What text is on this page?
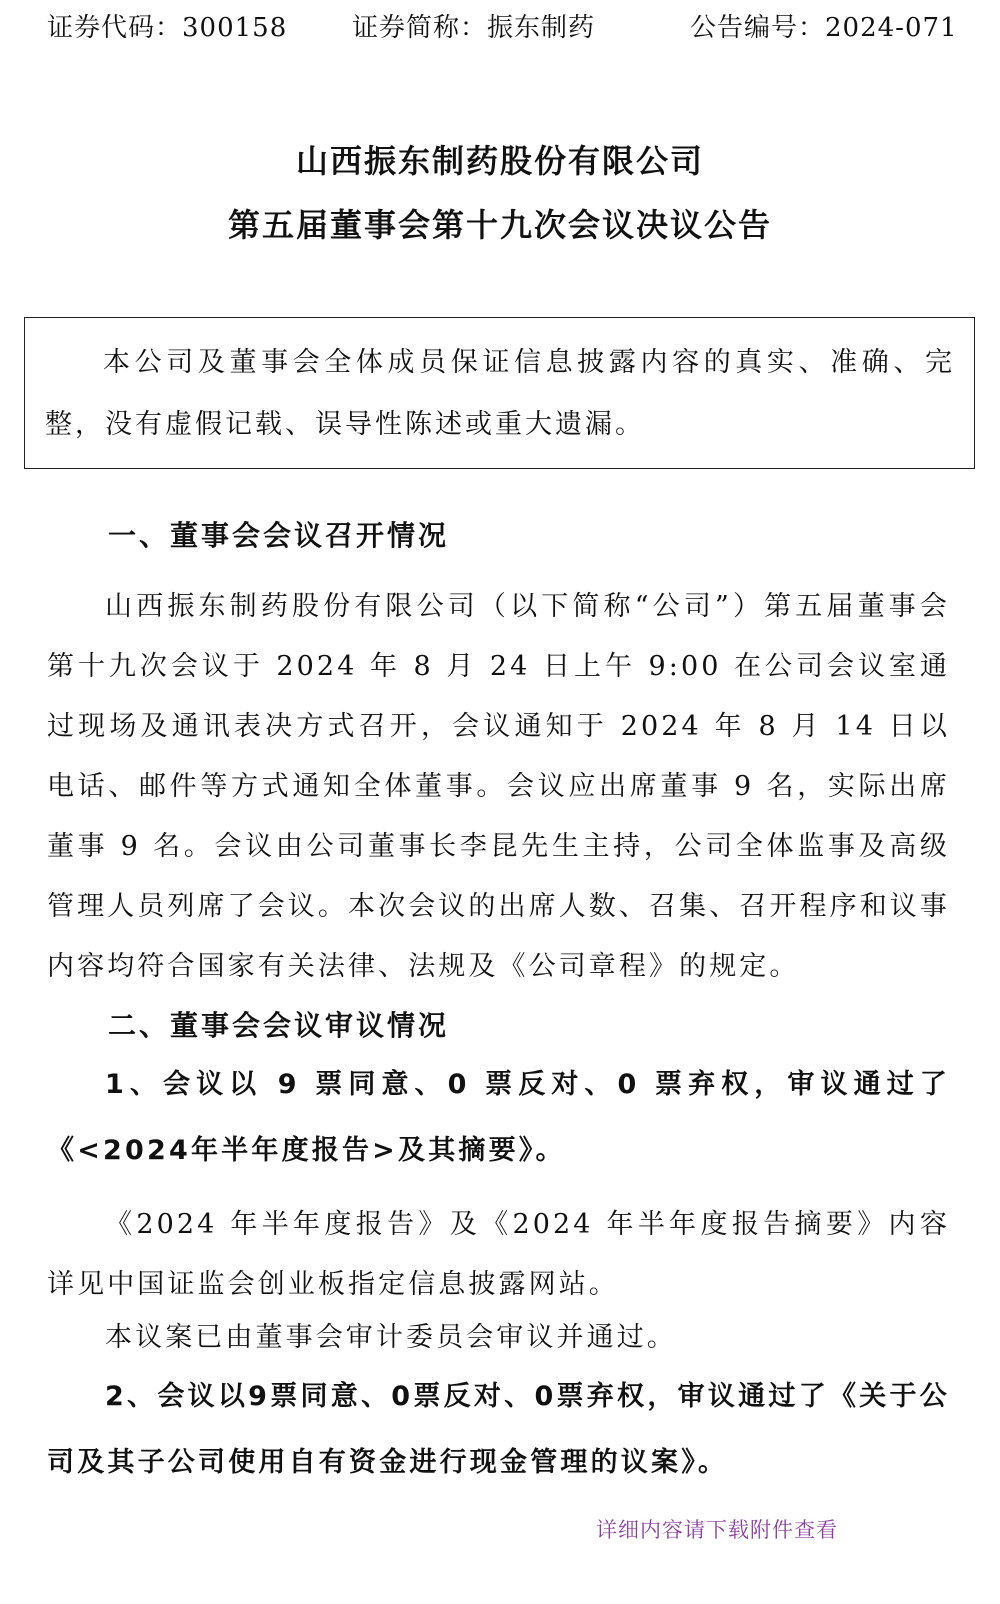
证券代码：300158 证券简称：振东制药	公告编号：2024-071
山西振东制药股份有限公司
第五届董事会第十九次会议决议公告
本公司及董事会全体成员保证信息披露内容的真实、准确、完整，没有虚假记载、误导性陈述或重大遗漏。
一、董事会会议召开情况
山西振东制药股份有限公司（以下简称“公司”）第五届董事会第十九次会议于 2024 年 8 月 24 日上午 9:00 在公司会议室通过现场及通讯表决方式召开，会议通知于 2024 年 8 月 14 日以电话、邮件等方式通知全体董事。会议应出席董事 9 名，实际出席董事 9 名。会议由公司董事长李昆先生主持，公司全体监事及高级管理人员列席了会议。本次会议的出席人数、召集、召开程序和议事内容均符合国家有关法律、法规及《公司章程》的规定。
二、董事会会议审议情况
1、会议以 9 票同意、0 票反对、0 票弃权，审议通过了《<2024年半年度报告>及其摘要》。
《2024 年半年度报告》及《2024 年半年度报告摘要》内容详见中国证监会创业板指定信息披露网站。
本议案已由董事会审计委员会审议并通过。
2、会议以9票同意、0票反对、0票弃权，审议通过了《关于公司及其子公司使用自有资金进行现金管理的议案》。
详细内容请下载附件查看
